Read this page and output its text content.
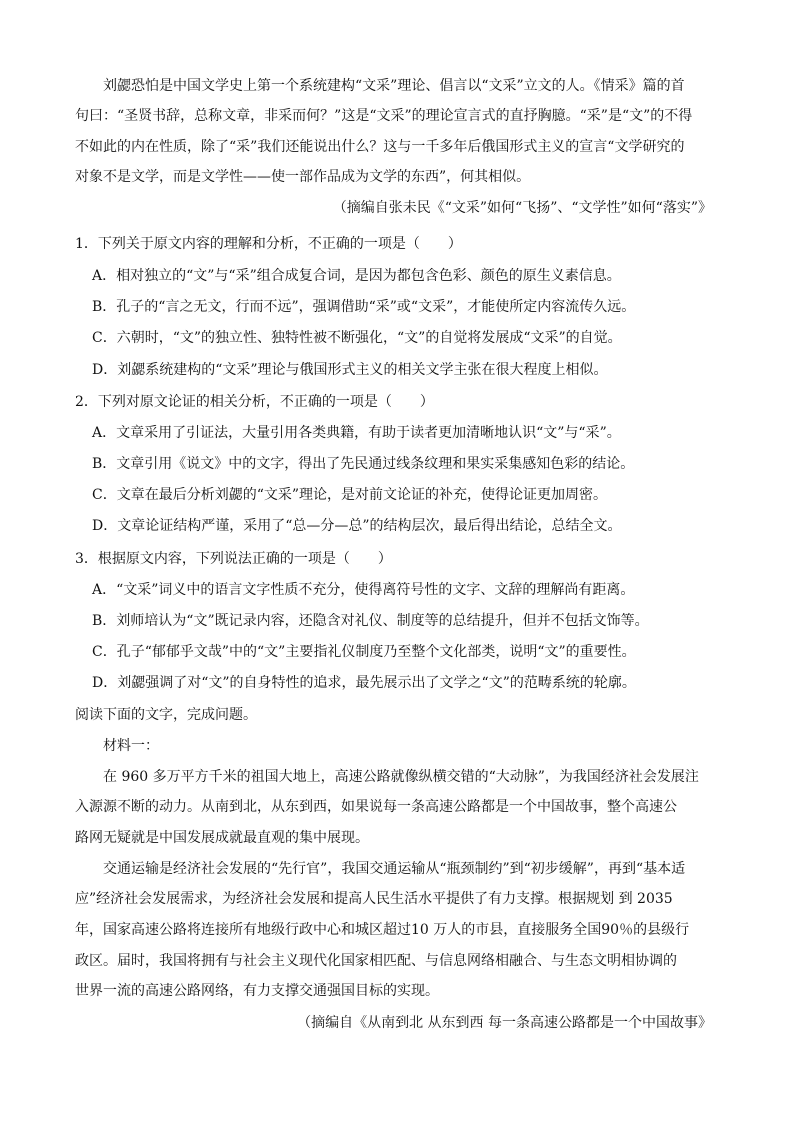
刘勰恐怕是中国文学史上第一个系统建构“文采”理论、倡言以“文采”立文的人。《情采》篇的首
句曰：“圣贤书辞，总称文章，非采而何？”这是“文采”的理论宣言式的直抒胸臆。“采”是“文”的不得
不如此的内在性质，除了“采”我们还能说出什么？这与一千多年后俄国形式主义的宣言“文学研究的
对象不是文学，而是文学性——使一部作品成为文学的东西”，何其相似。
（摘编自张未民《“文采”如何“飞扬”、“文学性”如何“落实”》
1．下列关于原文内容的理解和分析，不正确的一项是（　　）
A．相对独立的“文”与“采”组合成复合词，是因为都包含色彩、颜色的原生义素信息。
B．孔子的“言之无文，行而不远”，强调借助“采”或“文采”，才能使所定内容流传久远。
C．六朝时，“文”的独立性、独特性被不断强化，“文”的自觉将发展成“文采”的自觉。
D．刘勰系统建构的“文采”理论与俄国形式主义的相关文学主张在很大程度上相似。
2．下列对原文论证的相关分析，不正确的一项是（　　）
A．文章采用了引证法，大量引用各类典籍，有助于读者更加清晰地认识“文”与“采”。
B．文章引用《说文》中的文字，得出了先民通过线条纹理和果实采集感知色彩的结论。
C．文章在最后分析刘勰的“文采”理论，是对前文论证的补充，使得论证更加周密。
D．文章论证结构严谨，采用了“总—分—总”的结构层次，最后得出结论，总结全文。
3．根据原文内容，下列说法正确的一项是（　　）
A．“文采”词义中的语言文字性质不充分，使得离符号性的文字、文辞的理解尚有距离。
B．刘师培认为“文”既记录内容，还隐含对礼仪、制度等的总结提升，但并不包括文饰等。
C．孔子“郁郁乎文哉”中的“文”主要指礼仪制度乃至整个文化部类，说明“文”的重要性。
D．刘勰强调了对“文”的自身特性的追求，最先展示出了文学之“文”的范畴系统的轮廓。
阅读下面的文字，完成问题。
材料一：
在 960 多万平方千米的祖国大地上，高速公路就像纵横交错的“大动脉”，为我国经济社会发展注
入源源不断的动力。从南到北，从东到西，如果说每一条高速公路都是一个中国故事，整个高速公
路网无疑就是中国发展成就最直观的集中展现。
交通运输是经济社会发展的“先行官”，我国交通运输从“瓶颈制约”到“初步缓解”，再到“基本适
应”经济社会发展需求，为经济社会发展和提高人民生活水平提供了有力支撑。根据规划 到 2035
年，国家高速公路将连接所有地级行政中心和城区超过10 万人的市县，直接服务全国90％的县级行
政区。届时，我国将拥有与社会主义现代化国家相匹配、与信息网络相融合、与生态文明相协调的
世界一流的高速公路网络，有力支撑交通强国目标的实现。
（摘编自《从南到北 从东到西 每一条高速公路都是一个中国故事》
